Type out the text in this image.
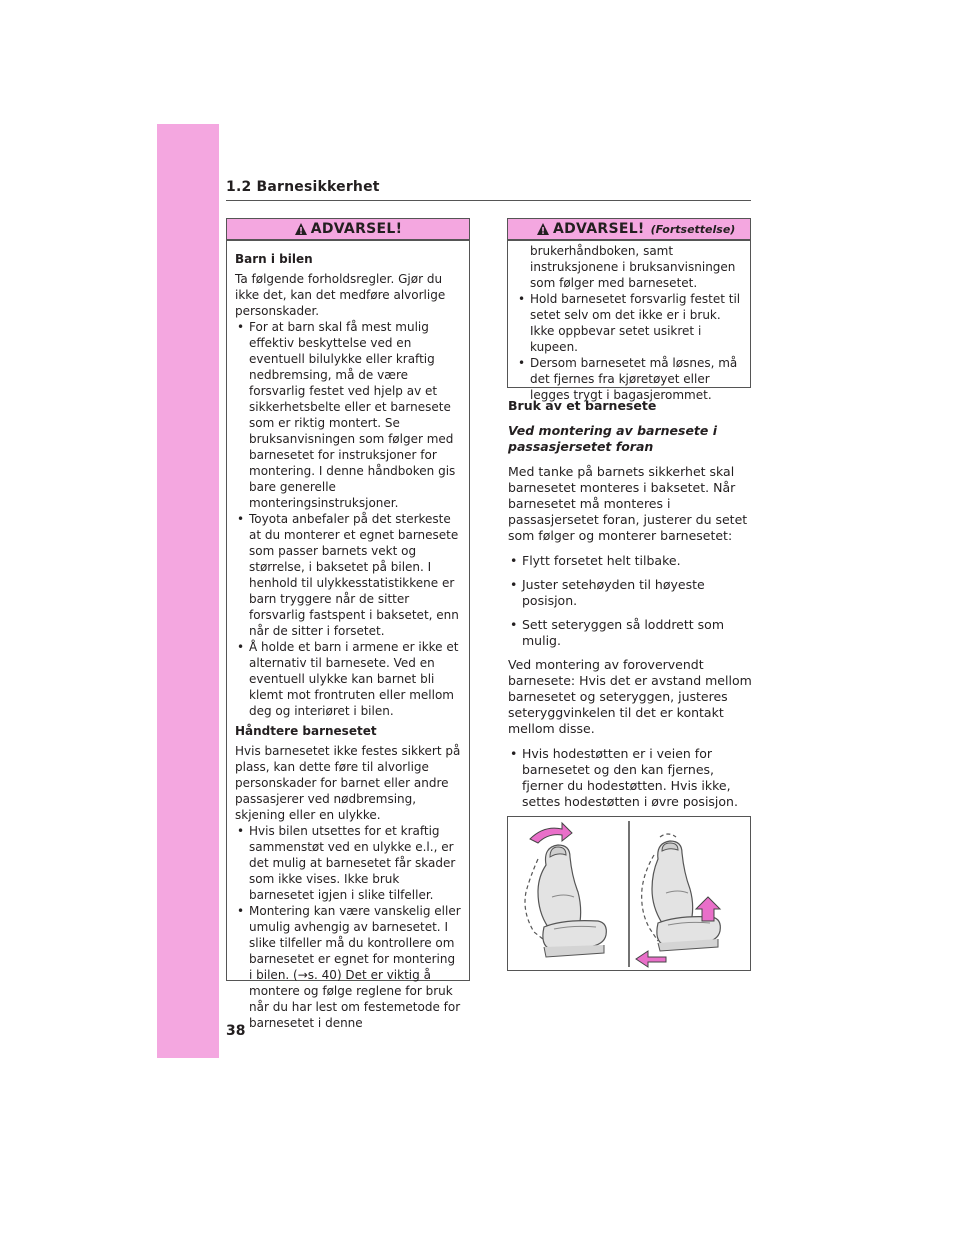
1.2 Barnesikkerhet
ADVARSEL!

Barn i bilen

Ta følgende forholdsregler. Gjør du ikke det, kan det medføre alvorlige personskader.

• For at barn skal få mest mulig effektiv beskyttelse ved en eventuell bilulykke eller kraftig nedbremsing, må de være forsvarlig festet ved hjelp av et sikkerhetsbelte eller et barnesete som er riktig montert. Se bruksanvisningen som følger med barnesetet for instruksjoner for montering. I denne håndboken gis bare generelle monteringsinstruksjoner.
• Toyota anbefaler på det sterkeste at du monterer et egnet barnesete som passer barnets vekt og størrelse, i baksetet på bilen. I henhold til ulykkesstatistikkene er barn tryggere når de sitter forsvarlig fastspent i baksetet, enn når de sitter i forsetet.
• Å holde et barn i armene er ikke et alternativ til barnesete. Ved en eventuell ulykke kan barnet bli klemt mot frontruten eller mellom deg og interiøret i bilen.

Håndtere barnesetet

Hvis barnesetet ikke festes sikkert på plass, kan dette føre til alvorlige personskader for barnet eller andre passasjerer ved nødbremsing, skjening eller en ulykke.

• Hvis bilen utsettes for et kraftig sammenstøt ved en ulykke e.l., er det mulig at barnesetet får skader som ikke vises. Ikke bruk barnesetet igjen i slike tilfeller.
• Montering kan være vanskelig eller umulig avhengig av barnesetet. I slike tilfeller må du kontrollere om barnesetet er egnet for montering i bilen. (→s. 40) Det er viktig å montere og følge reglene for bruk når du har lest om festemetode for barnesetet i denne
ADVARSEL! (Fortsettelse)

brukerhåndboken, samt instruksjonene i bruksanvisningen som følger med barnesetet.

• Hold barnesetet forsvarlig festet til setet selv om det ikke er i bruk. Ikke oppbevar setet usikret i kupeen.
• Dersom barnesetet må løsnes, må det fjernes fra kjøretøyet eller legges trygt i bagasjerommet.

Bruk av et barnesete

Ved montering av barnesete i passasjersetet foran

Med tanke på barnets sikkerhet skal barnesetet monteres i baksetet. Når barnesetet må monteres i passasjersetet foran, justerer du setet som følger og monterer barnesetet:

• Flytt forsetet helt tilbake.
• Juster setehøyden til høyeste posisjon.
• Sett seteryggen så loddrett som mulig.

Ved montering av forovervendt barnesete: Hvis det er avstand mellom barnesetet og seteryggen, justeres seteryggvinkelen til det er kontakt mellom disse.

• Hvis hodestøtten er i veien for barnesetet og den kan fjernes, fjerner du hodestøtten. Hvis ikke, settes hodestøtten i øvre posisjon.
38
